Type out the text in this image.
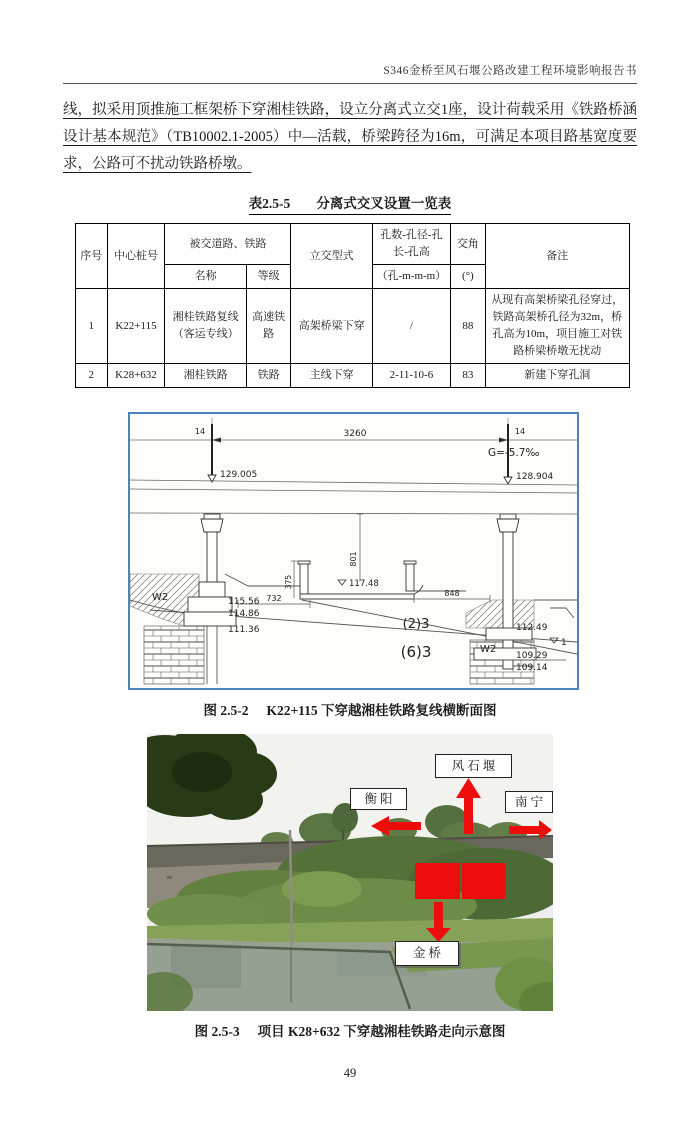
S346金桥至风石堰公路改建工程环境影响报告书
线，拟采用顶推施工框架桥下穿湘桂铁路，设立分离式立交1座，设计荷载采用《铁路桥涵设计基本规范》（TB10002.1-2005）中—活载，桥梁跨径为16m，可满足本项目路基宽度要求，公路可不扰动铁路桥墩。
表2.5-5 分离式交叉设置一览表
序号	中心桩号	被交道路、铁路		立交型式	孔数-孔径-孔长-孔高	交角	备注
		名称	等级		（孔-m-m-m）	(°)	
1	K22+115	湘桂铁路复线（客运专线）	高速铁路	高架桥梁下穿	/	88	从现有高架桥梁孔径穿过，铁路高架桥孔径为32m，桥孔高为10m，项目施工对铁路桥梁桥墩无扰动
2	K28+632	湘桂铁路	铁路	主线下穿	2-11-10-6	83	新建下穿孔洞
3260
14	14
G=-5.7‰
129.005	128.904
801
375	117.48
732
848
115.56
114.86
111.36	112.49
1
109.29
109.14
W2
W2
(2)3
(6)3
图 2.5-2 K22+115 下穿越湘桂铁路复线横断面图
风石堰
衡阳	南宁
金桥
图 2.5-3 项目 K28+632 下穿越湘桂铁路走向示意图
49
